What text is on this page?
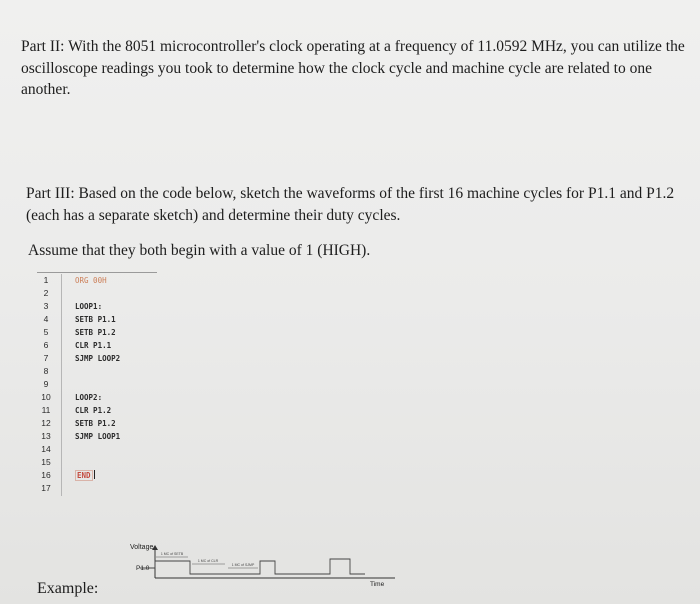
Part II: With the 8051 microcontroller's clock operating at a frequency of 11.0592 MHz, you can utilize the oscilloscope readings you took to determine how the clock cycle and machine cycle are related to one another.
Part III: Based on the code below, sketch the waveforms of the first 16 machine cycles for P1.1 and P1.2 (each has a separate sketch) and determine their duty cycles.
Assume that they both begin with a value of 1 (HIGH).
1
2
3
4
5
6
7
8
9
10
11
12
13
14
15
16
17
ORG 00H
LOOP1:
SETB P1.1
SETB P1.2
CLR P1.1
SJMP LOOP2
LOOP2:
CLR P1.2
SETB P1.2
SJMP LOOP1
END
1 MC of SETB
1 MC of CLR
1 MC of SJMP
Voltage
P1.0
Time
Example:
